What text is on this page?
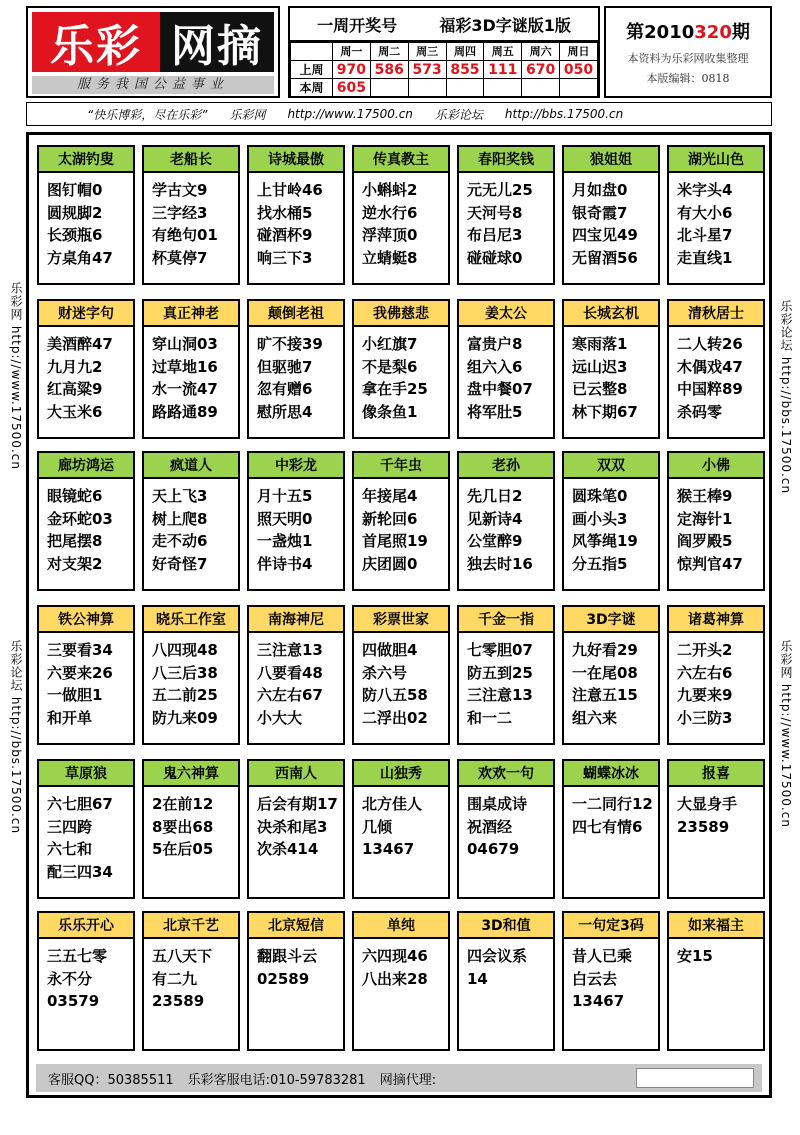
乐彩 网摘
服务我国公益事业
一周开奖号	福彩3D字谜版1版
	周一	周二	周三	周四	周五	周六	周日
上周	970	586	573	855	111	670	050
本周	605						
第2010320期
本资料为乐彩网收集整理
本版编辑：0818
“快乐博彩，尽在乐彩” 乐彩网 http://www.17500.cn 乐彩论坛 http://bbs.17500.cn
乐彩网 http://www.17500.cn
乐彩论坛 http://bbs.17500.cn
乐彩论坛 http://bbs.17500.cn
乐彩网 http://www.17500.cn
太湖钓叟
图钉帽0
圆规脚2
长颈瓶6
方桌角47
老船长
学古文9
三字经3
有绝句01
杯莫停7
诗城最傲
上甘岭46
找水桶5
碰酒杯9
响三下3
传真教主
小蝌蚪2
逆水行6
浮萍顶0
立蜻蜓8
春阳奖钱
元无儿25
天河号8
布吕尼3
碰碰球0
狼姐姐
月如盘0
银奇霞7
四宝见49
无留酒56
湖光山色
米字头4
有大小6
北斗星7
走直线1
财迷字句
美酒醉47
九月九2
红高粱9
大玉米6
真正神老
穿山洞03
过草地16
水一流47
路路通89
颠倒老祖
旷不接39
但驱驰7
忽有赠6
慰所思4
我佛慈悲
小红旗7
不是梨6
拿在手25
像条鱼1
姜太公
富贵户8
组六入6
盘中餐07
将军肚5
长城玄机
寒雨落1
远山迟3
已云整8
林下期67
清秋居士
二人转26
木偶戏47
中国粹89
杀码零
廊坊鸿运
眼镜蛇6
金环蛇03
把尾摆8
对支架2
疯道人
天上飞3
树上爬8
走不动6
好奇怪7
中彩龙
月十五5
照天明0
一盏烛1
伴诗书4
千年虫
年接尾4
新轮回6
首尾照19
庆团圆0
老孙
先几日2
见新诗4
公堂醉9
独去时16
双双
圆珠笔0
画小头3
风筝绳19
分五指5
小佛
猴王棒9
定海针1
阎罗殿5
惊判官47
铁公神算
三要看34
六要来26
一做胆1
和开单
晓乐工作室
八四现48
八三后38
五二前25
防九来09
南海神尼
三注意13
八要看48
六左右67
小大大
彩票世家
四做胆4
杀六号
防八五58
二浮出02
千金一指
七零胆07
防五到25
三注意13
和一二
3D字谜
九好看29
一在尾08
注意五15
组六来
诸葛神算
二开头2
六左右6
九要来9
小三防3
草原狼
六七胆67
三四跨
六七和
配三四34
鬼六神算
2在前12
8要出68
5在后05
西南人
后会有期17
决杀和尾3
次杀414
山独秀
北方佳人
几倾
13467
欢欢一句
围桌成诗
祝酒经
04679
蝴蝶冰冰
一二同行12
四七有情6
报喜
大显身手
23589
乐乐开心
三五七零
永不分
03579
北京千艺
五八天下
有二九
23589
北京短信
翻跟斗云
02589
单纯
六四现46
八出来28
3D和值
四会议系
14
一句定3码
昔人已乘
白云去
13467
如来福主
安15
客服QQ：50385511 乐彩客服电话:010-59783281 网摘代理:
